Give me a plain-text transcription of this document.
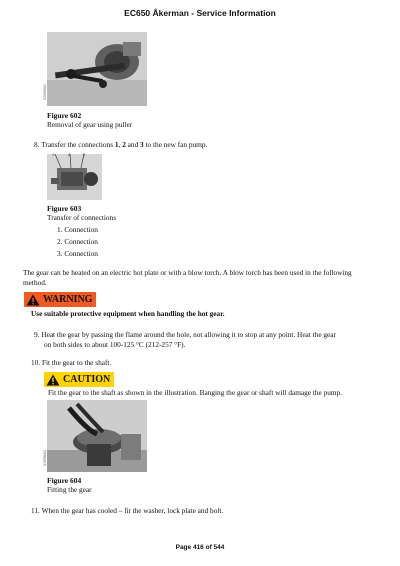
EC650 Åkerman - Service Information
V1096001
Figure 602
Removal of gear using puller
8. Transfer the connections 1, 2 and 3 to the new fan pump.
1	2	3
Figure 603
Transfer of connections
1. Connection
2. Connection
3. Connection
The gear can be heated on an electric hot plate or with a blow torch. A blow torch has been used in the following method.
WARNING
Use suitable protective equipment when handling the hot gear.
9. Heat the gear by passing the flame around the hole, not allowing it to stop at any point. Heat the gear
on both sides to about 100-125 °C (212-257 °F).
10. Fit the gear to the shaft.
CAUTION
Fit the gear to the shaft as shown in the illustration. Banging the gear or shaft will damage the pump.
V1096004
Figure 604
Fitting the gear
11. When the gear has cooled – fit the washer, lock plate and bolt.
Page 416 of 544
